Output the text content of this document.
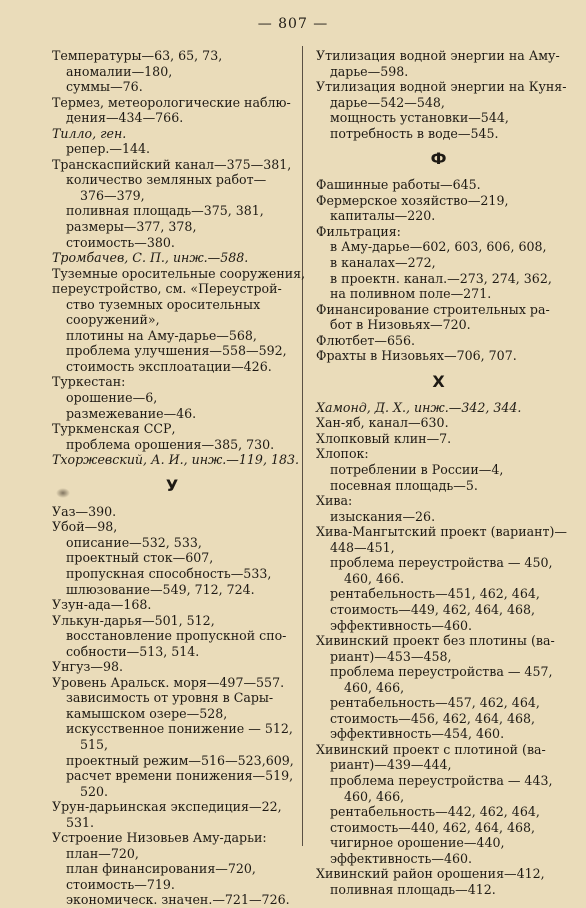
— 807 —
Температуры—63, 65, 73,
аномалии—180,
суммы—76.
Термез, метеорологические наблю-
дения—434—766.
Тилло, ген.
репер.—144.
Транскаспийский канал—375—381,
количество земляных работ—
376—379,
поливная площадь—375, 381,
размеры—377, 378,
стоимость—380.
Тромбачев, С. П., инж.—588.
Туземные оросительные сооружения,
переустройство, см. «Переустрой-
ство туземных оросительных
сооружений»,
плотины на Аму-дарье—568,
проблема улучшения—558—592,
стоимость эксплоатации—426.
Туркестан:
орошение—6,
размежевание—46.
Туркменская ССР,
проблема орошения—385, 730.
Тхоржевский, А. И., инж.—119, 183.
У
Уаз—390.
Убой—98,
описание—532, 533,
проектный сток—607,
пропускная способность—533,
шлюзование—549, 712, 724.
Узун-ада—168.
Улькун-дарья—501, 512,
восстановление пропускной спо-
собности—513, 514.
Унгуз—98.
Уровень Аральск. моря—497—557.
зависимость от уровня в Сары-
камышском озере—528,
искусственное понижение — 512,
515,
проектный режим—516—523,609,
расчет времени понижения—519,
520.
Урун-дарьинская экспедиция—22,
531.
Устроение Низовьев Аму-дарьи:
план—720,
план финансирования—720,
стоимость—719.
экономическ. значен.—721—726.
Утилизация водной энергии на Аму-
дарье—598.
Утилизация водной энергии на Куня-
дарье—542—548,
мощность установки—544,
потребность в воде—545.
Ф
Фашинные работы—645.
Фермерское хозяйство—219,
капиталы—220.
Фильтрация:
в Аму-дарье—602, 603, 606, 608,
в каналах—272,
в проектн. канал.—273, 274, 362,
на поливном поле—271.
Финансирование строительных ра-
бот в Низовьях—720.
Флютбет—656.
Фрахты в Низовьях—706, 707.
Х
Хамонд, Д. Х., инж.—342, 344.
Хан-яб, канал—630.
Хлопковый клин—7.
Хлопок:
потреблении в России—4,
посевная площадь—5.
Хива:
изыскания—26.
Хива-Мангытский проект (вариант)—
448—451,
проблема переустройства — 450,
460, 466.
рентабельность—451, 462, 464,
стоимость—449, 462, 464, 468,
эффективность—460.
Хивинский проект без плотины (ва-
риант)—453—458,
проблема переустройства — 457,
460, 466,
рентабельность—457, 462, 464,
стоимость—456, 462, 464, 468,
эффективность—454, 460.
Хивинский проект с плотиной (ва-
риант)—439—444,
проблема переустройства — 443,
460, 466,
рентабельность—442, 462, 464,
стоимость—440, 462, 464, 468,
чигирное орошение—440,
эффективность—460.
Хивинский район орошения—412,
поливная площадь—412.
